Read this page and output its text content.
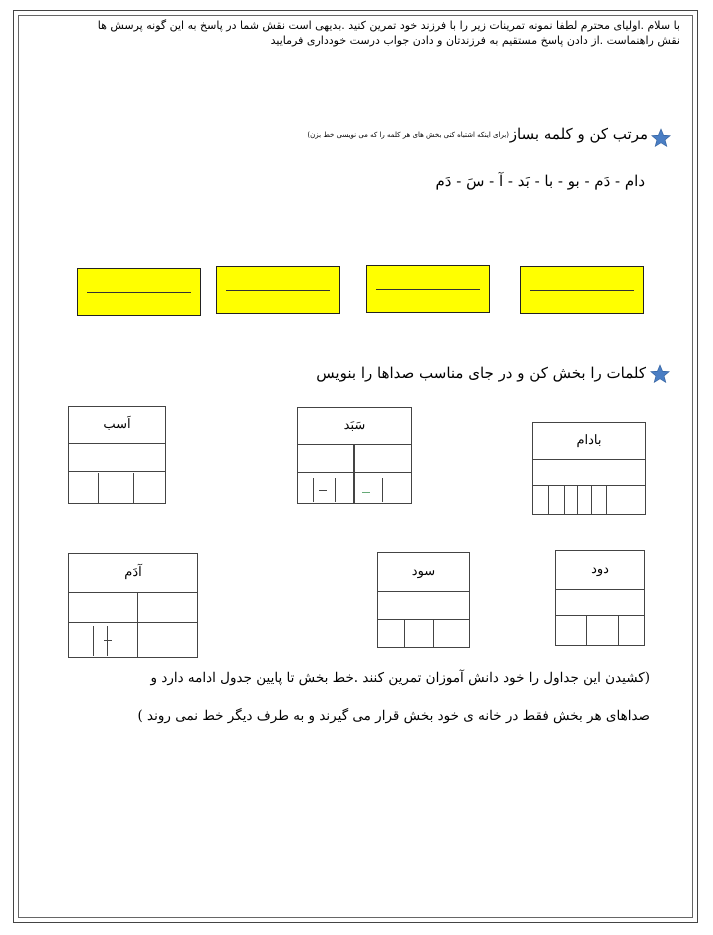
با سلام .اولیای محترم لطفا نمونه تمرینات زیر را با فرزند خود تمرین کنید .بدیهی است نقش شما در پاسخ به این گونه پرسش ها
نقش راهنماست .از دادن پاسخ مستقیم به فرزندتان و دادن جواب درست خودداری فرمایید
مرتب کن و کلمه بساز
(برای اینکه اشتباه کنی بخش های هر کلمه را که می نویسی خط بزن)
دام - دَم - بو - با - بَد - آ - سَ - دَم
کلمات را بخش کن و در جای مناسب صداها را بنویس
اَسب	سَبَد
بادام
آدَم	سود	دود
(کشیدن این جداول را خود دانش آموزان تمرین کنند .خط بخش تا پایین جدول ادامه دارد و
صداهای هر بخش فقط در خانه ی خود بخش قرار می گیرند و به طرف دیگر خط نمی روند )
